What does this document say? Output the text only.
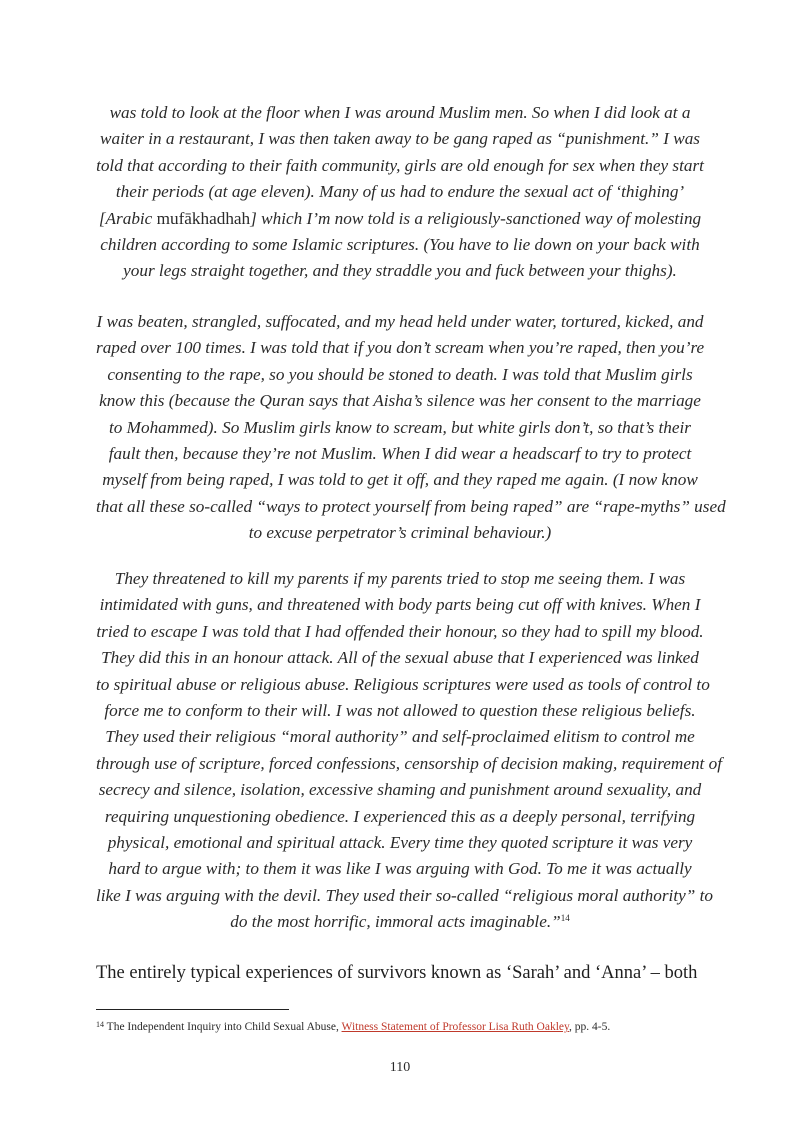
was told to look at the floor when I was around Muslim men. So when I did look at a
waiter in a restaurant, I was then taken away to be gang raped as “punishment.” I was
told that according to their faith community, girls are old enough for sex when they start
their periods (at age eleven). Many of us had to endure the sexual act of ‘thighing’
[Arabic mufākhadhah] which I’m now told is a religiously-sanctioned way of molesting
children according to some Islamic scriptures. (You have to lie down on your back with
your legs straight together, and they straddle you and fuck between your thighs).

I was beaten, strangled, suffocated, and my head held under water, tortured, kicked, and
raped over 100 times. I was told that if you don’t scream when you’re raped, then you’re
consenting to the rape, so you should be stoned to death. I was told that Muslim girls
know this (because the Quran says that Aisha’s silence was her consent to the marriage
to Mohammed). So Muslim girls know to scream, but white girls don’t, so that’s their
fault then, because they’re not Muslim. When I did wear a headscarf to try to protect
myself from being raped, I was told to get it off, and they raped me again. (I now know
that all these so-called “ways to protect yourself from being raped” are “rape-myths” used
to excuse perpetrator’s criminal behaviour.)

They threatened to kill my parents if my parents tried to stop me seeing them. I was
intimidated with guns, and threatened with body parts being cut off with knives. When I
tried to escape I was told that I had offended their honour, so they had to spill my blood.
They did this in an honour attack. All of the sexual abuse that I experienced was linked
to spiritual abuse or religious abuse. Religious scriptures were used as tools of control to
force me to conform to their will. I was not allowed to question these religious beliefs.
They used their religious “moral authority” and self-proclaimed elitism to control me
through use of scripture, forced confessions, censorship of decision making, requirement of
secrecy and silence, isolation, excessive shaming and punishment around sexuality, and
requiring unquestioning obedience. I experienced this as a deeply personal, terrifying
physical, emotional and spiritual attack. Every time they quoted scripture it was very
hard to argue with; to them it was like I was arguing with God. To me it was actually
like I was arguing with the devil. They used their so-called “religious moral authority” to
do the most horrific, immoral acts imaginable.”$^{14}$

The entirely typical experiences of survivors known as ‘Sarah’ and ‘Anna’ – both

$^{14}$ The Independent Inquiry into Child Sexual Abuse, Witness Statement of Professor Lisa Ruth Oakley, pp. 4-5.

110
